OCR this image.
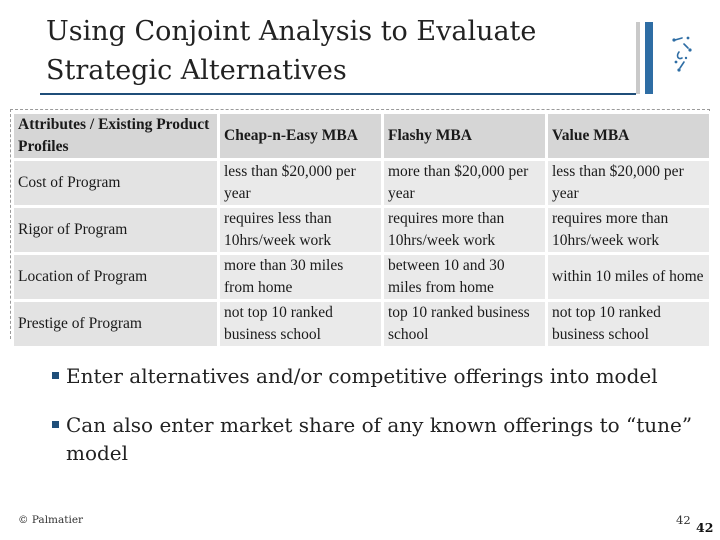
Using Conjoint Analysis to Evaluate Strategic Alternatives
Attributes / Existing Product Profiles	Cheap-n-Easy MBA	Flashy MBA	Value MBA
Cost of Program	less than $20,000 per year	more than $20,000 per year	less than $20,000 per year
Rigor of Program	requires less than 10hrs/week work	requires more than 10hrs/week work	requires more than 10hrs/week work
Location of Program	more than 30 miles from home	between 10 and 30 miles from home	within 10 miles of home
Prestige of Program	not top 10 ranked business school	top 10 ranked business school	not top 10 ranked business school
Enter alternatives and/or competitive offerings into model
Can also enter market share of any known offerings to “tune” model
© Palmatier	42 42
